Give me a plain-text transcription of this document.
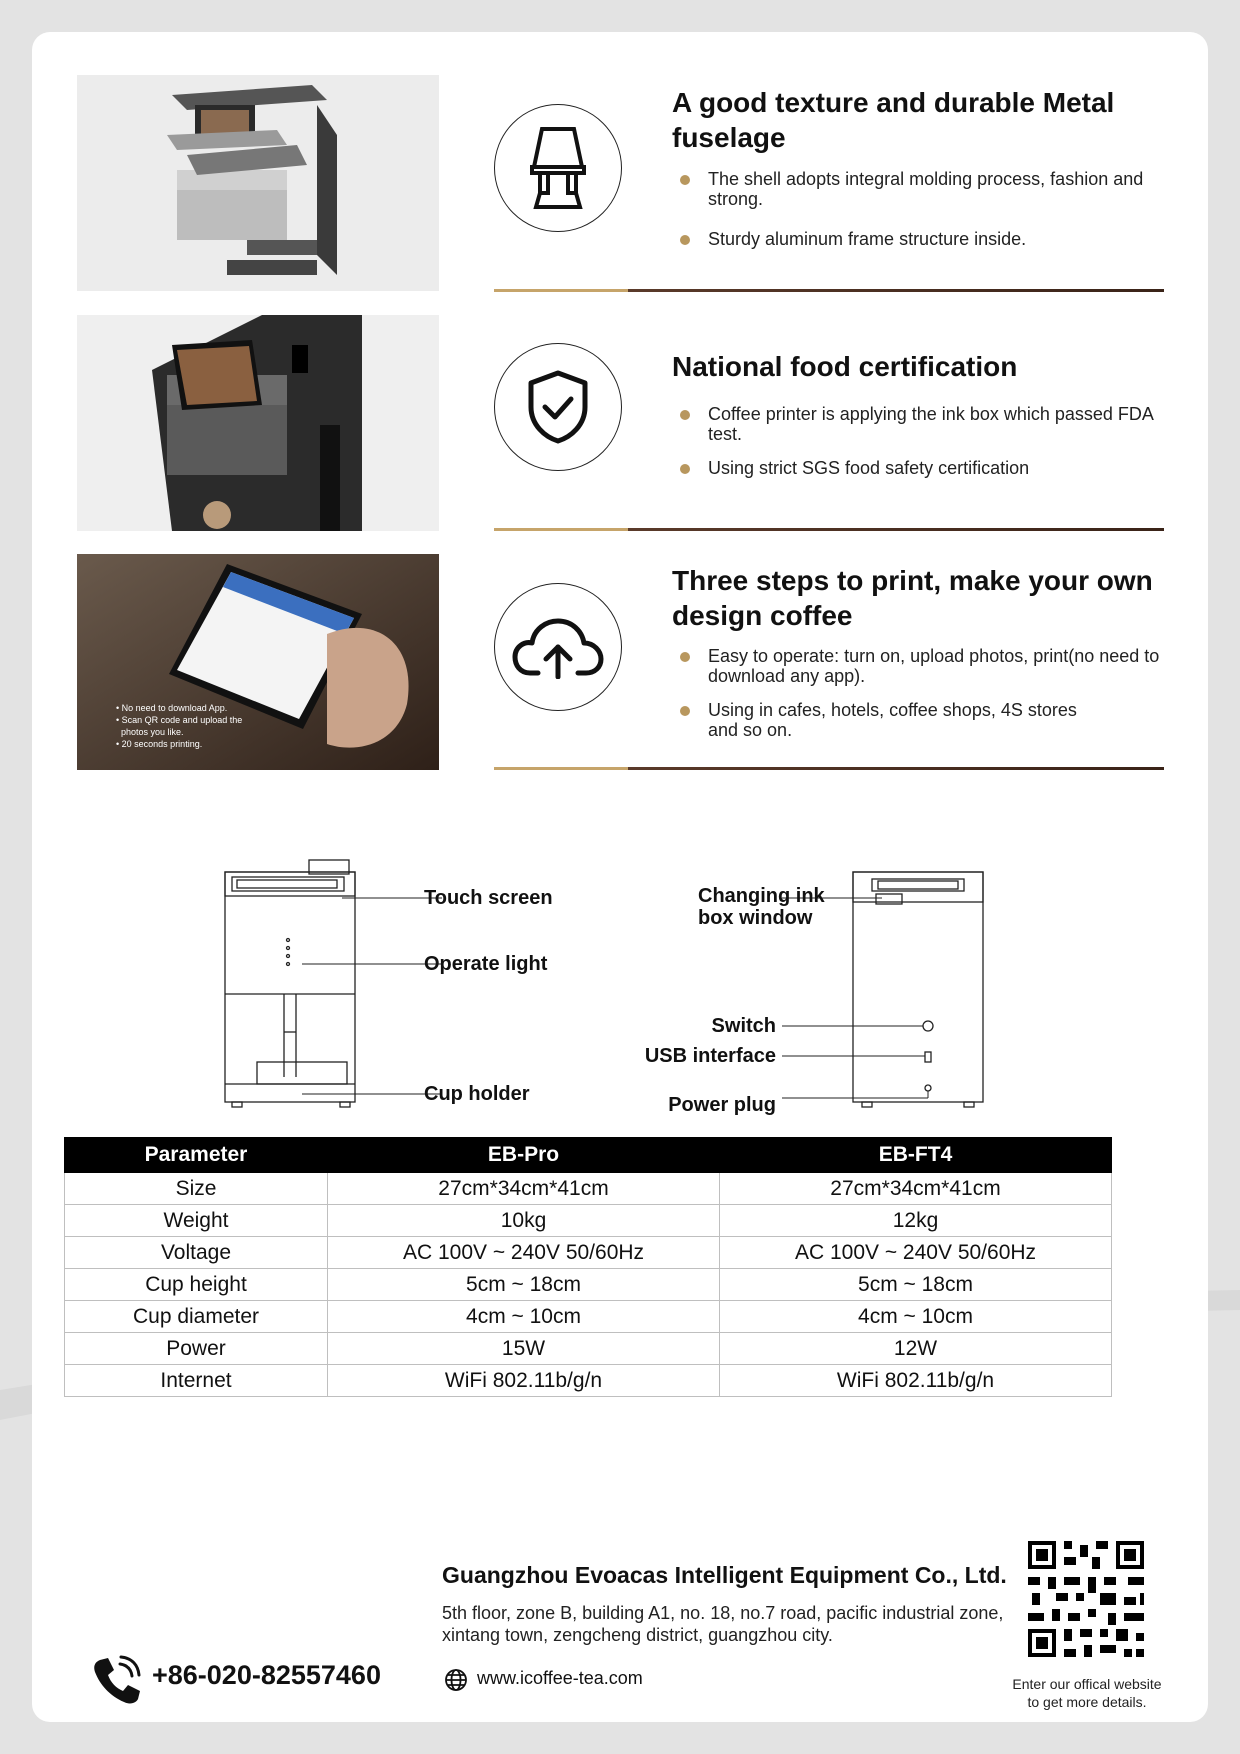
A good texture and durable Metal fuselage
The shell adopts integral molding process, fashion and strong.
Sturdy aluminum frame structure inside.
National food certification
Coffee printer is applying the ink box which passed FDA test.
Using strict SGS food safety certification
• No need to download App.
• Scan QR code and upload the
photos you like.
• 20 seconds printing.
Three steps to print, make your own design coffee
Easy to operate: turn on, upload photos, print(no need to download any app).
Using in cafes, hotels, coffee shops, 4S stores and so on.
Touch screen
Operate light
Cup holder
Changing ink box window
Switch
USB interface
Power plug
Parameter	EB-Pro	EB-FT4
Size	27cm*34cm*41cm	27cm*34cm*41cm
Weight	10kg	12kg
Voltage	AC 100V ~ 240V 50/60Hz	AC 100V ~ 240V 50/60Hz
Cup height	5cm ~ 18cm	5cm ~ 18cm
Cup diameter	4cm ~ 10cm	4cm ~ 10cm
Power	15W	12W
Internet	WiFi 802.11b/g/n	WiFi 802.11b/g/n
Guangzhou Evoacas Intelligent Equipment Co., Ltd.
5th floor, zone B, building A1, no. 18, no.7 road, pacific industrial zone, xintang town, zengcheng district, guangzhou city.
+86-020-82557460	www.icoffee-tea.com	Enter our offical website
to get more details.
